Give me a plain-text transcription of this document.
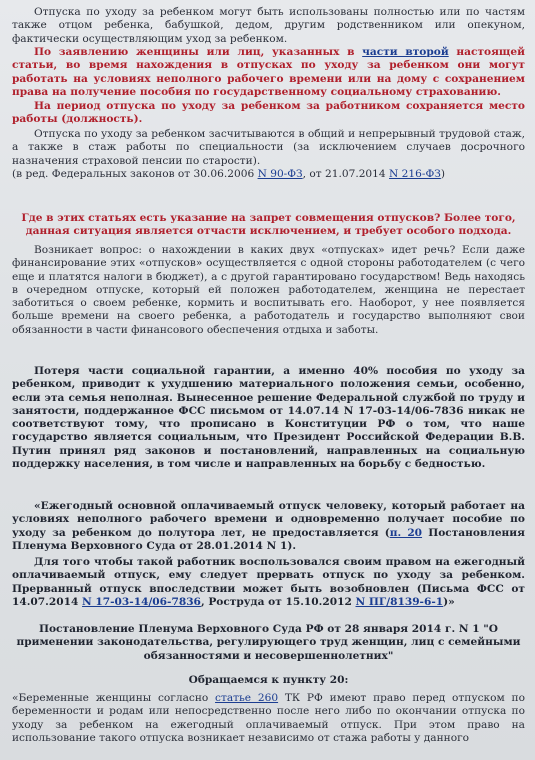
Отпуска по уходу за ребенком могут быть использованы полностью или по частям также отцом ребенка, бабушкой, дедом, другим родственником или опекуном, фактически осуществляющим уход за ребенком.

По заявлению женщины или лиц, указанных в части второй настоящей статьи, во время нахождения в отпусках по уходу за ребенком они могут работать на условиях неполного рабочего времени или на дому с сохранением права на получение пособия по государственному социальному страхованию.

На период отпуска по уходу за ребенком за работником сохраняется место работы (должность).

Отпуска по уходу за ребенком засчитываются в общий и непрерывный трудовой стаж, а также в стаж работы по специальности (за исключением случаев досрочного назначения страховой пенсии по старости).
(в ред. Федеральных законов от 30.06.2006 N 90-ФЗ, от 21.07.2014 N 216-ФЗ)

Где в этих статьях есть указание на запрет совмещения отпусков? Более того, данная ситуация является отчасти исключением, и требует особого подхода.

Возникает вопрос: о нахождении в каких двух «отпусках» идет речь? Если даже финансирование этих «отпусков» осуществляется с одной стороны работодателем (с чего еще и платятся налоги в бюджет), а с другой гарантировано государством! Ведь находясь в очередном отпуске, который ей положен работодателем, женщина не перестает заботиться о своем ребенке, кормить и воспитывать его. Наоборот, у нее появляется больше времени на своего ребенка, а работодатель и государство выполняют свои обязанности в части финансового обеспечения отдыха и заботы.

Потеря части социальной гарантии, а именно 40% пособия по уходу за ребенком, приводит к ухудшению материального положения семьи, особенно, если эта семья неполная. Вынесенное решение Федеральной службой по труду и занятости, поддержанное ФСС письмом от 14.07.14 N 17-03-14/06-7836 никак не соответствуют тому, что прописано в Конституции РФ о том, что наше государство является социальным, что Президент Российской Федерации В.В. Путин принял ряд законов и постановлений, направленных на социальную поддержку населения, в том числе и направленных на борьбу с бедностью.

«Ежегодный основной оплачиваемый отпуск человеку, который работает на условиях неполного рабочего времени и одновременно получает пособие по уходу за ребенком до полутора лет, не предоставляется (п. 20 Постановления Пленума Верховного Суда от 28.01.2014 N 1).

Для того чтобы такой работник воспользовался своим правом на ежегодный оплачиваемый отпуск, ему следует прервать отпуск по уходу за ребенком. Прерванный отпуск впоследствии может быть возобновлен (Письма ФСС от 14.07.2014 N 17-03-14/06-7836, Роструда от 15.10.2012 N ПГ/8139-6-1)»

Постановление Пленума Верховного Суда РФ от 28 января 2014 г. N 1 "О применении законодательства, регулирующего труд женщин, лиц с семейными обязанностями и несовершеннолетних"

Обращаемся к пункту 20:

«Беременные женщины согласно статье 260 ТК РФ имеют право перед отпуском по беременности и родам или непосредственно после него либо по окончании отпуска по уходу за ребенком на ежегодный оплачиваемый отпуск. При этом право на использование такого отпуска возникает независимо от стажа работы у данного
